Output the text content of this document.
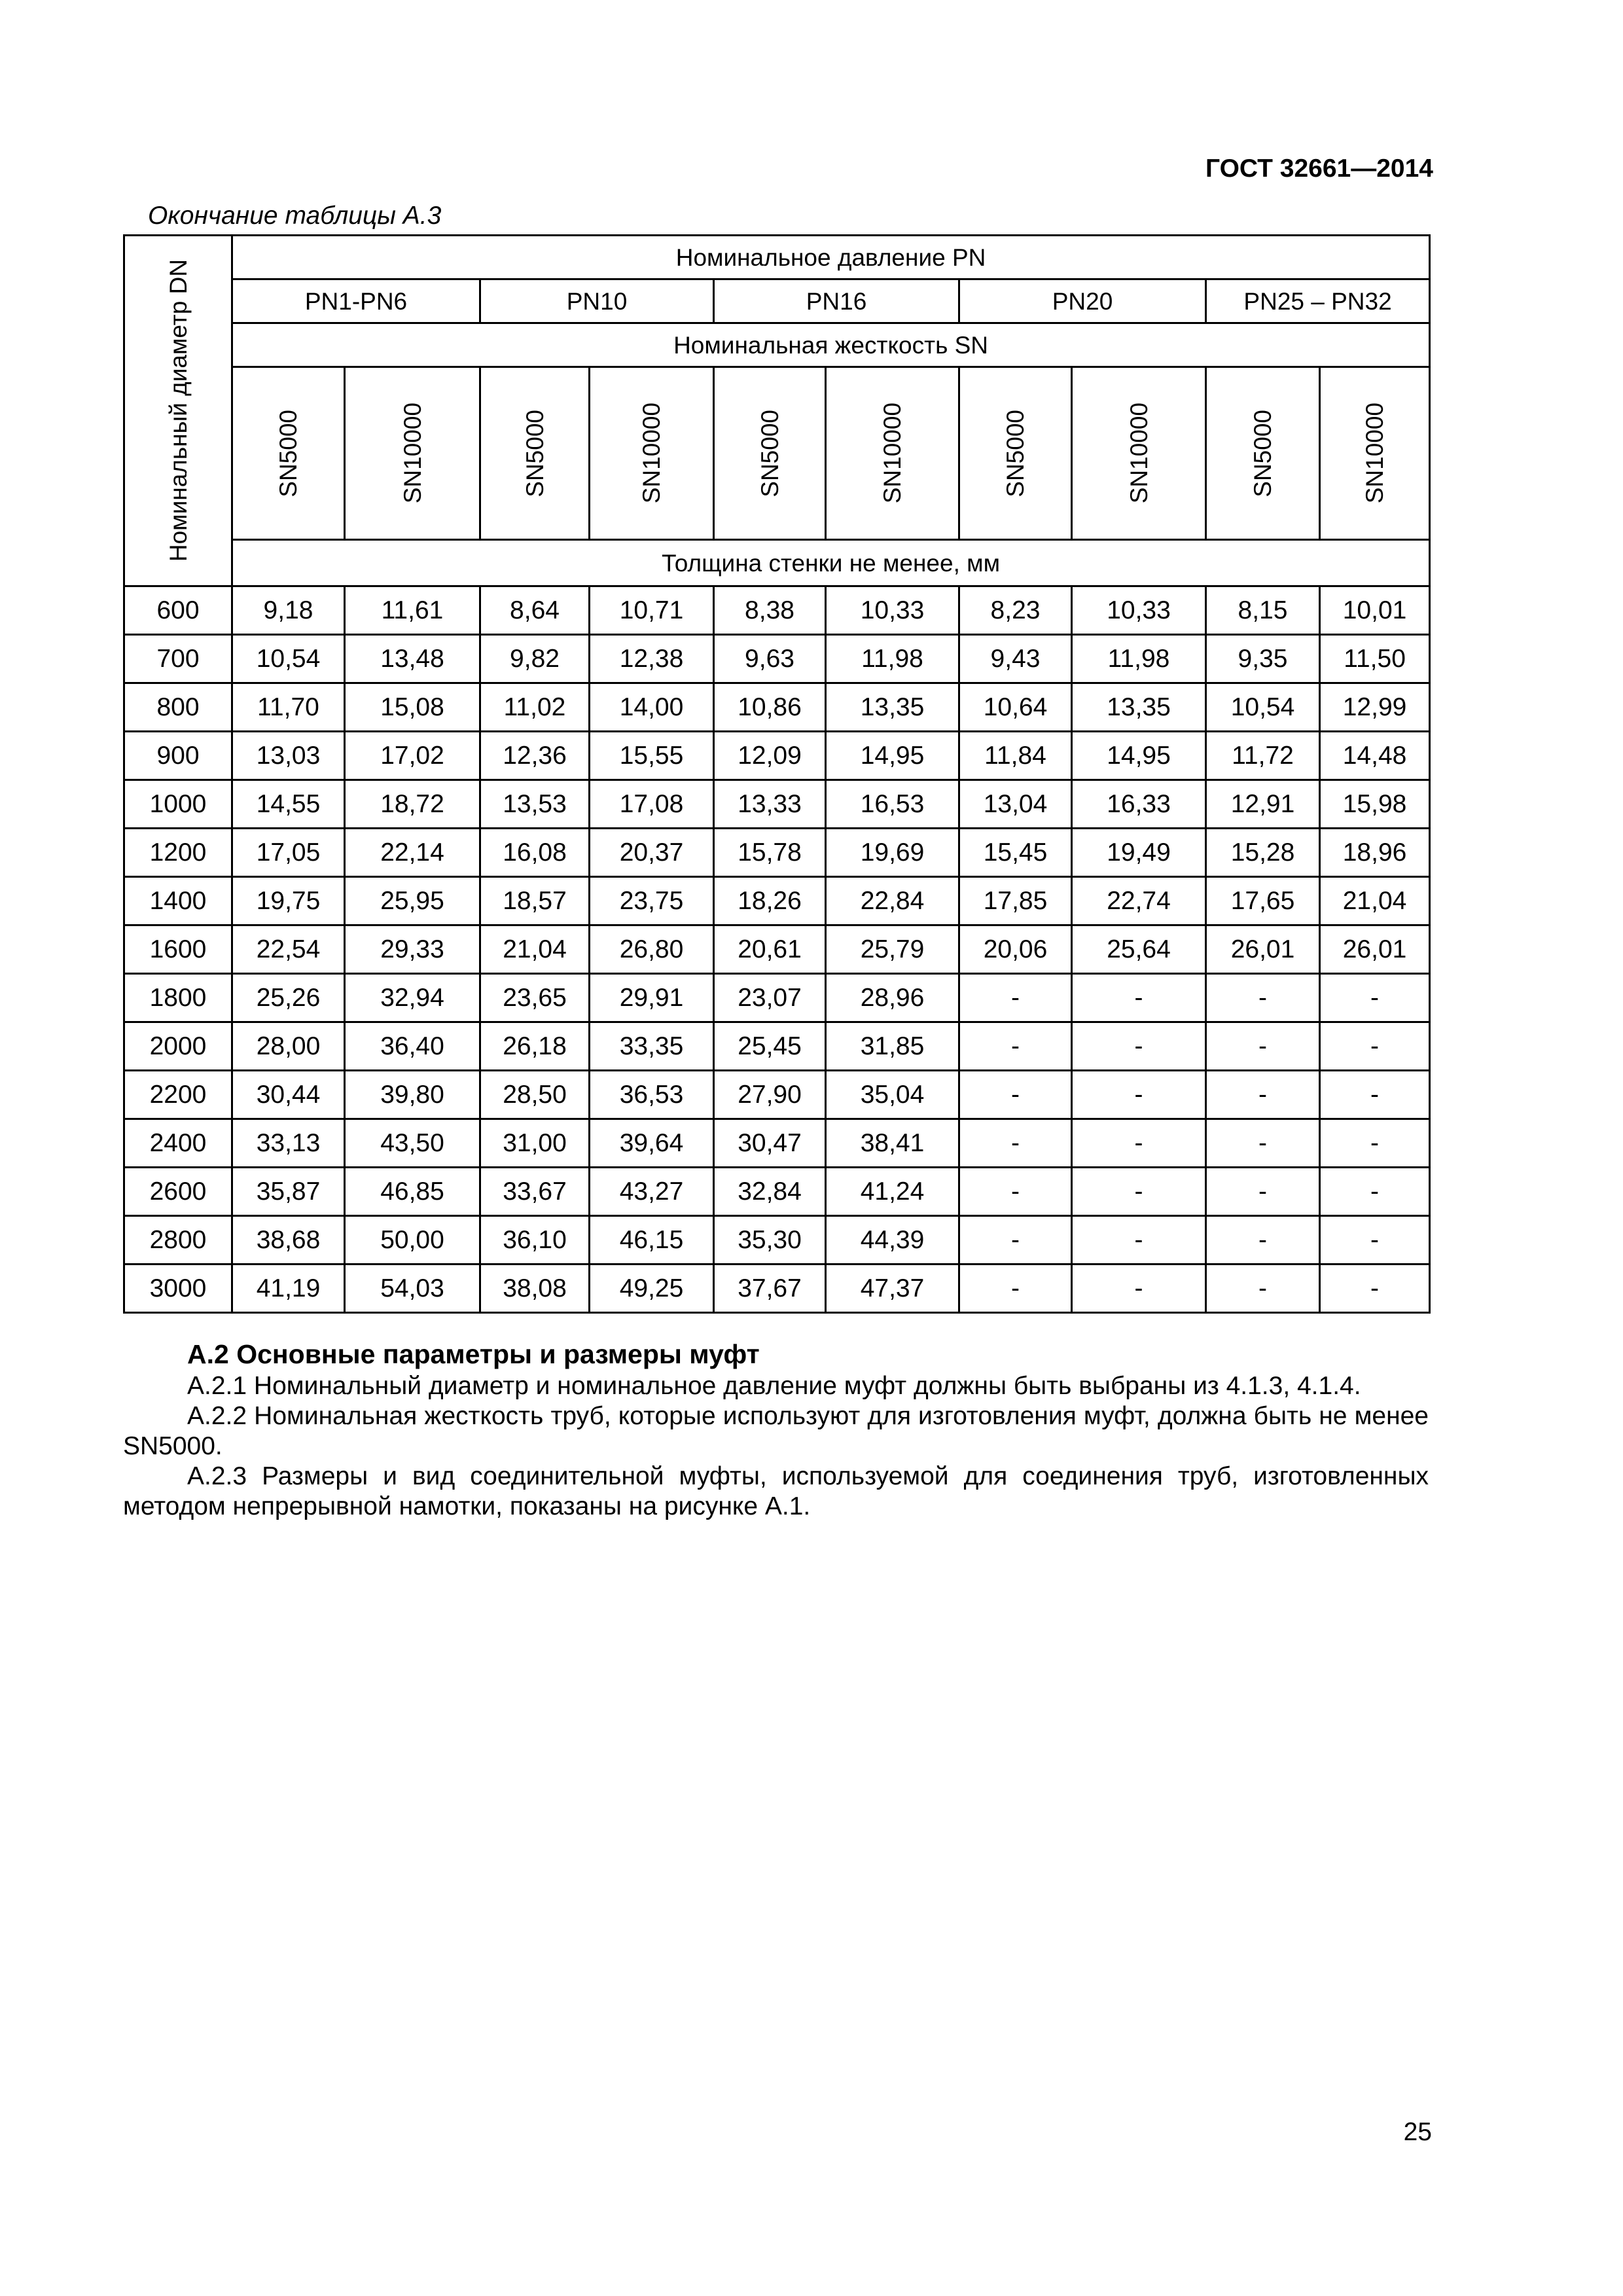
ГОСТ 32661—2014
Окончание таблицы А.3
Номинальный диаметр DN	Номинальное давление PN									
	PN1-PN6		PN10		PN16		PN20		PN25 – PN32	
	Номинальная жесткость SN									

	SN5000	SN10000	SN5000	SN10000	SN5000	SN10000	SN5000	SN10000	SN5000	SN10000

	Толщина стенки не менее, мм									
600	9,18	11,61	8,64	10,71	8,38	10,33	8,23	10,33	8,15	10,01
700	10,54	13,48	9,82	12,38	9,63	11,98	9,43	11,98	9,35	11,50
800	11,70	15,08	11,02	14,00	10,86	13,35	10,64	13,35	10,54	12,99
900	13,03	17,02	12,36	15,55	12,09	14,95	11,84	14,95	11,72	14,48
1000	14,55	18,72	13,53	17,08	13,33	16,53	13,04	16,33	12,91	15,98
1200	17,05	22,14	16,08	20,37	15,78	19,69	15,45	19,49	15,28	18,96
1400	19,75	25,95	18,57	23,75	18,26	22,84	17,85	22,74	17,65	21,04
1600	22,54	29,33	21,04	26,80	20,61	25,79	20,06	25,64	26,01	26,01
1800	25,26	32,94	23,65	29,91	23,07	28,96	-	-	-	-
2000	28,00	36,40	26,18	33,35	25,45	31,85	-	-	-	-
2200	30,44	39,80	28,50	36,53	27,90	35,04	-	-	-	-
2400	33,13	43,50	31,00	39,64	30,47	38,41	-	-	-	-
2600	35,87	46,85	33,67	43,27	32,84	41,24	-	-	-	-
2800	38,68	50,00	36,10	46,15	35,30	44,39	-	-	-	-
3000	41,19	54,03	38,08	49,25	37,67	47,37	-	-	-	-
А.2 Основные параметры и размеры муфт
А.2.1 Номинальный диаметр и номинальное давление муфт должны быть выбраны из 4.1.3, 4.1.4.
А.2.2 Номинальная жесткость труб, которые используют для изготовления муфт, должна быть не менее SN5000.
А.2.3 Размеры и вид соединительной муфты, используемой для соединения труб, изготовленных методом непрерывной намотки, показаны на рисунке А.1.
25
